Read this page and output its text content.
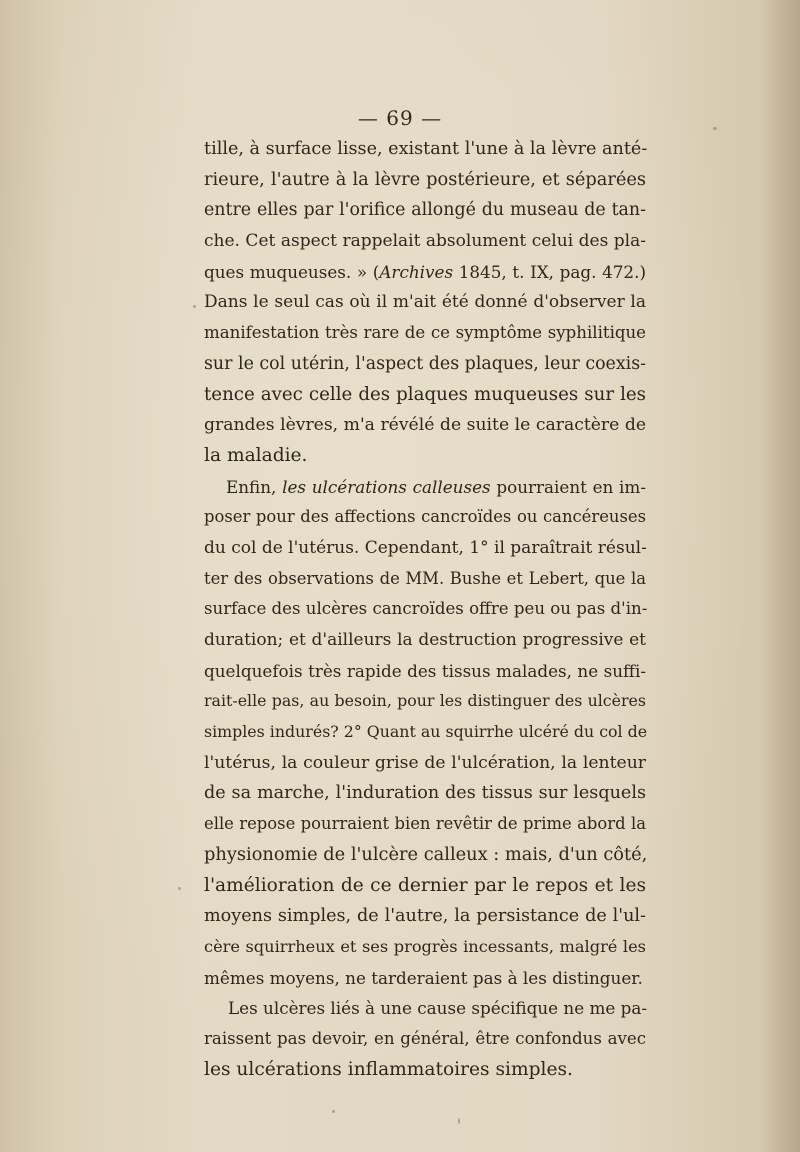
— 69 —
tille, à surface lisse, existant l'une à la lèvre anté-
rieure, l'autre à la lèvre postérieure, et séparées
entre elles par l'orifice allongé du museau de tan-
che. Cet aspect rappelait absolument celui des pla-
ques muqueuses. » (Archives 1845, t. IX, pag. 472.)
Dans le seul cas où il m'ait été donné d'observer la
manifestation très rare de ce symptôme syphilitique
sur le col utérin, l'aspect des plaques, leur coexis-
tence avec celle des plaques muqueuses sur les
grandes lèvres, m'a révélé de suite le caractère de
la maladie.
Enfin, les ulcérations calleuses pourraient en im-
poser pour des affections cancroïdes ou cancéreuses
du col de l'utérus. Cependant, 1° il paraîtrait résul-
ter des observations de MM. Bushe et Lebert, que la
surface des ulcères cancroïdes offre peu ou pas d'in-
duration; et d'ailleurs la destruction progressive et
quelquefois très rapide des tissus malades, ne suffi-
rait-elle pas, au besoin, pour les distinguer des ulcères
simples indurés? 2° Quant au squirrhe ulcéré du col de
l'utérus, la couleur grise de l'ulcération, la lenteur
de sa marche, l'induration des tissus sur lesquels
elle repose pourraient bien revêtir de prime abord la
physionomie de l'ulcère calleux : mais, d'un côté,
l'amélioration de ce dernier par le repos et les
moyens simples, de l'autre, la persistance de l'ul-
cère squirrheux et ses progrès incessants, malgré les
mêmes moyens, ne tarderaient pas à les distinguer.
Les ulcères liés à une cause spécifique ne me pa-
raissent pas devoir, en général, être confondus avec
les ulcérations inflammatoires simples.
